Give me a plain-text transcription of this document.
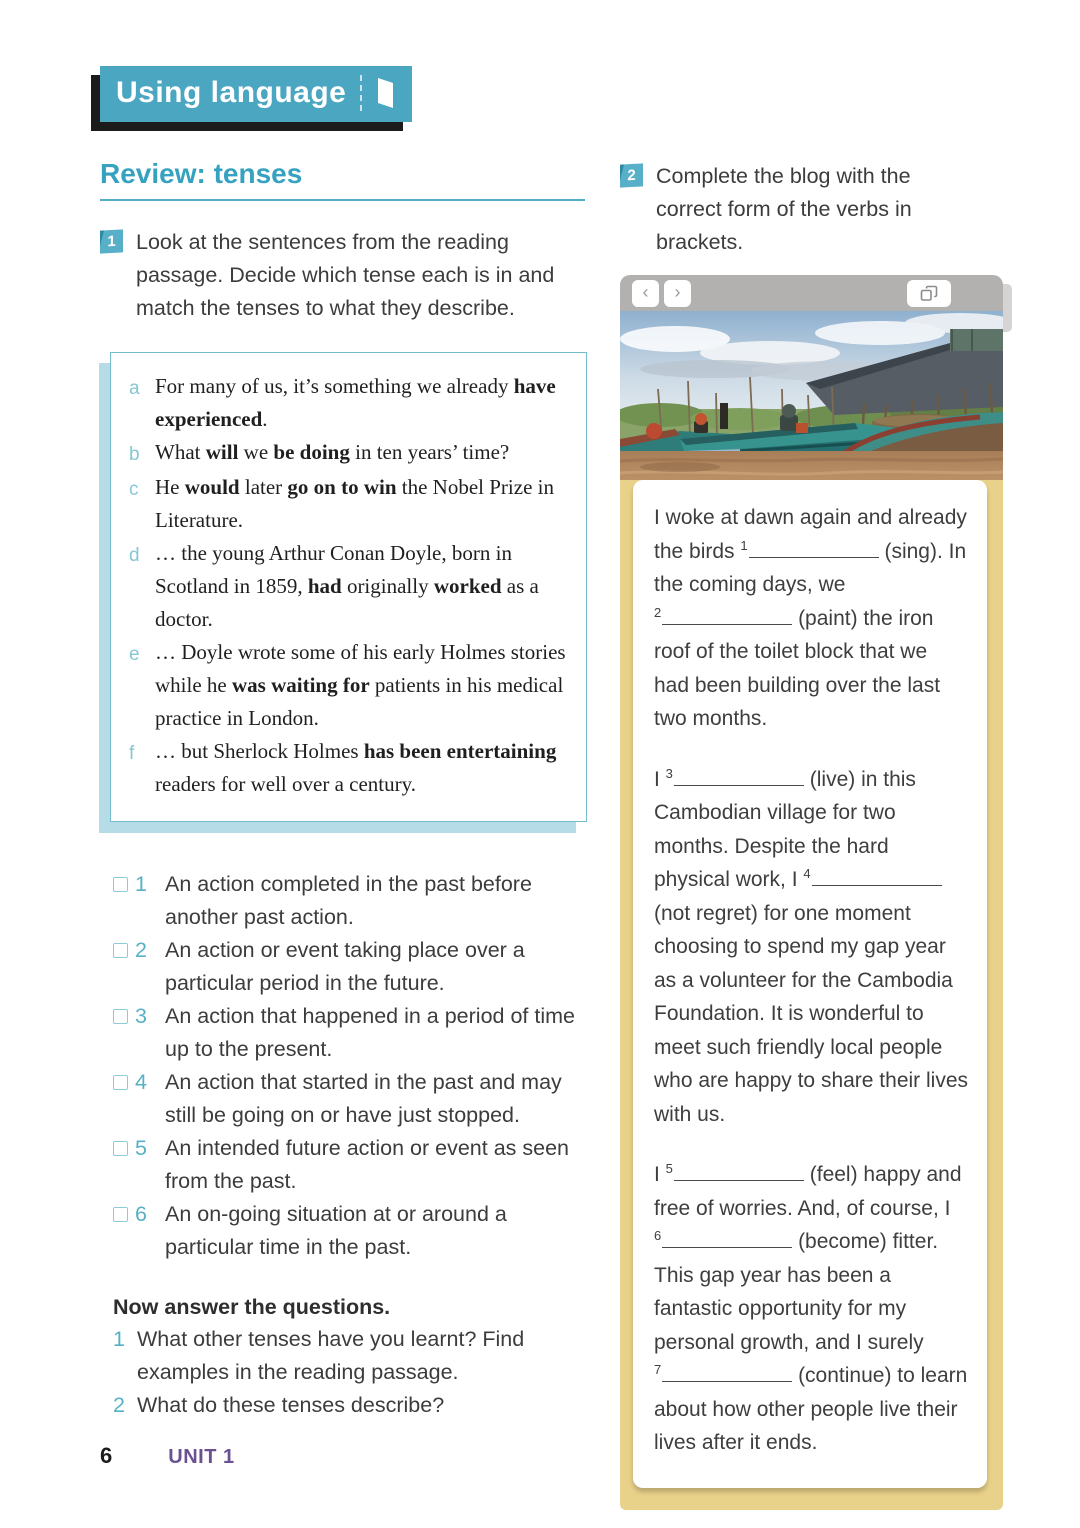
Using language
Review: tenses
1 Look at the sentences from the reading passage. Decide which tense each is in and match the tenses to what they describe.
a For many of us, it’s something we already have experienced.
b What will we be doing in ten years’ time?
c He would later go on to win the Nobel Prize in Literature.
d … the young Arthur Conan Doyle, born in Scotland in 1859, had originally worked as a doctor.
e … Doyle wrote some of his early Holmes stories while he was waiting for patients in his medical practice in London.
f … but Sherlock Holmes has been entertaining readers for well over a century.
1 An action completed in the past before another past action.
2 An action or event taking place over a particular period in the future.
3 An action that happened in a period of time up to the present.
4 An action that started in the past and may still be going on or have just stopped.
5 An intended future action or event as seen from the past.
6 An on-going situation at or around a particular time in the past.
Now answer the questions.
1 What other tenses have you learnt? Find examples in the reading passage.
2 What do these tenses describe?
2 Complete the blog with the correct form of the verbs in brackets.
‹ ›

I woke at dawn again and already the birds $^1$	(sing). In the coming days, we $^2$	(paint) the iron roof of the toilet block that we had been building over the last two months.

I $^3$	(live) in this Cambodian village for two months. Despite the hard physical work, I $^4$ (not regret) for one moment choosing to spend my gap year as a volunteer for the Cambodia Foundation. It is wonderful to meet such friendly local people who are happy to share their lives with us.

I $^5$	(feel) happy and free of worries. And, of course, I $^6$	(become) fitter. This gap year has been a fantastic opportunity for my personal growth, and I surely $^7$	(continue) to learn about how other people live their lives after it ends.

6	UNIT 1
